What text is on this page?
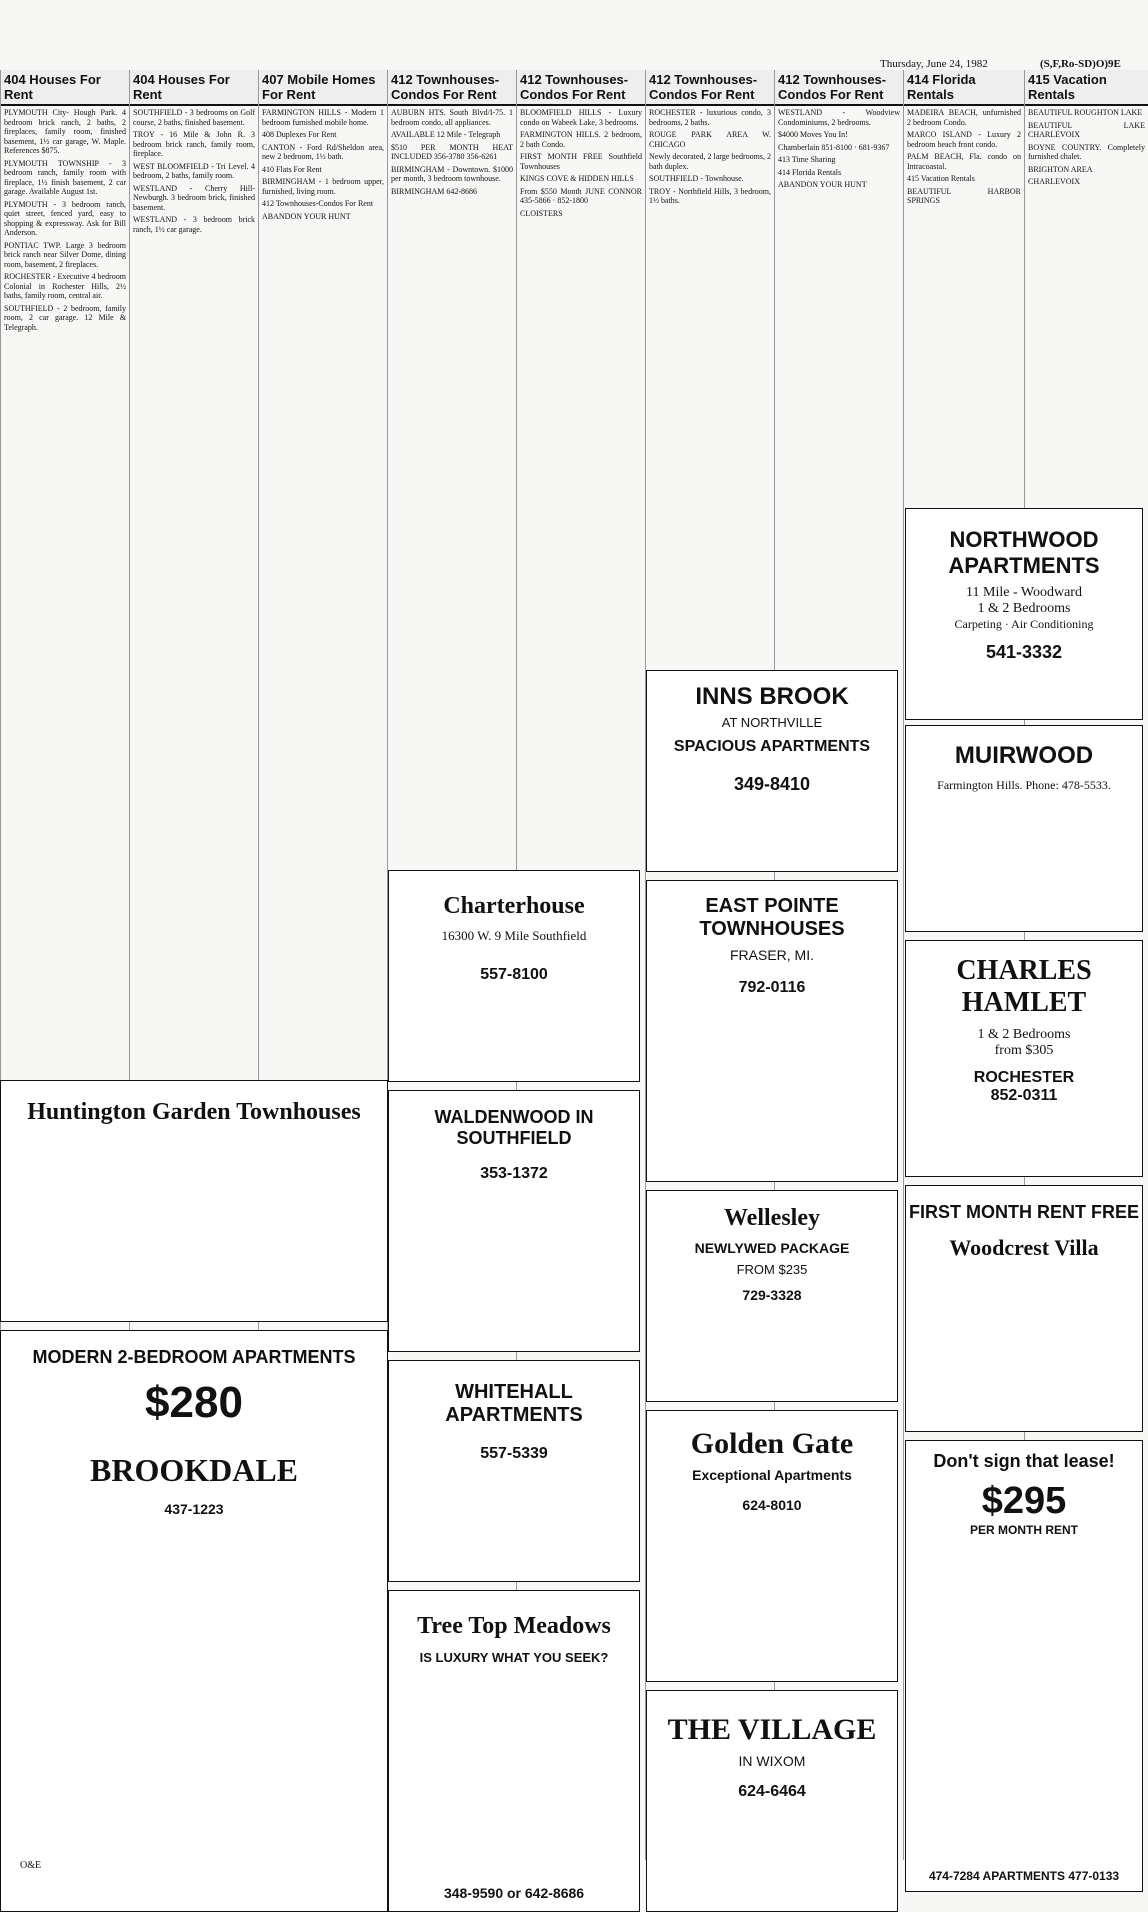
Thursday, June 24, 1982	(S,F,Ro-SD)O)9E
404 Houses For Rent
PLYMOUTH City- Hough Park. 4 bedroom brick ranch, 2 baths, 2 fireplaces, family room, finished basement, 1½ car garage, W. Maple. References $875.
PLYMOUTH TOWNSHIP - 3 bedroom ranch, family room with fireplace, 1½ finish basement, 2 car garage. Available August 1st.
PLYMOUTH - 3 bedroom ranch, quiet street, fenced yard, easy to shopping & expressway. Ask for Bill Anderson.
PONTIAC TWP. Large 3 bedroom brick ranch near Silver Dome, dining room, basement, 2 fireplaces.
ROCHESTER - Executive 4 bedroom Colonial in Rochester Hills, 2½ baths, family room, central air.
SOUTHFIELD - 2 bedroom, family room, 2 car garage. 12 Mile & Telegraph.
404 Houses For Rent
SOUTHFIELD - 3 bedrooms on Golf course, 2 baths, finished basement.
TROY - 16 Mile & John R. 3 bedroom brick ranch, family room, fireplace.
WEST BLOOMFIELD - Tri Level. 4 bedroom, 2 baths, family room.
WESTLAND - Cherry Hill-Newburgh. 3 bedroom brick, finished basement.
WESTLAND - 3 bedroom brick ranch, 1½ car garage.
407 Mobile Homes For Rent
FARMINGTON HILLS - Modern 1 bedroom furnished mobile home.
408 Duplexes For Rent
CANTON - Ford Rd/Sheldon area, new 2 bedroom, 1½ bath.
410 Flats For Rent
BIRMINGHAM - 1 bedroom upper, furnished, living room.
412 Townhouses-Condos For Rent
ABANDON YOUR HUNT
412 Townhouses-Condos For Rent
AUBURN HTS. South Blvd/I-75. 1 bedroom condo, all appliances.
AVAILABLE 12 Mile - Telegraph
$510 PER MONTH HEAT INCLUDED 356-3780 356-6261
BIRMINGHAM - Downtown. $1000 per month, 3 bedroom townhouse.
BIRMINGHAM 642-8686
412 Townhouses-Condos For Rent
BLOOMFIELD HILLS - Luxury condo on Wabeek Lake, 3 bedrooms.
FARMINGTON HILLS. 2 bedroom, 2 bath Condo.
FIRST MONTH FREE Southfield Townhouses
KINGS COVE & HIDDEN HILLS
From $550 Month JUNE CONNOR 435-5866 · 852-1800
CLOISTERS
412 Townhouses-Condos For Rent
ROCHESTER - luxurious condo, 3 bedrooms, 2 baths.
ROUGE PARK AREA W. CHICAGO
Newly decorated, 2 large bedrooms, 2 bath duplex.
SOUTHFIELD - Townhouse.
TROY - Northfield Hills, 3 bedroom, 1½ baths.
412 Townhouses-Condos For Rent
WESTLAND - Woodview Condominiums, 2 bedrooms.
$4000 Moves You In!
Chamberlain 851-8100 · 681-9367
413 Time Sharing
414 Florida Rentals
ABANDON YOUR HUNT
414 Florida Rentals
MADEIRA BEACH, unfurnished 2 bedroom Condo.
MARCO ISLAND - Luxury 2 bedroom beach front condo.
PALM BEACH, Fla. condo on Intracoastal.
415 Vacation Rentals
BEAUTIFUL HARBOR SPRINGS
415 Vacation Rentals
BEAUTIFUL ROUGHTON LAKE
BEAUTIFUL LAKE CHARLEVOIX
BOYNE COUNTRY. Completely furnished chalet.
BRIGHTON AREA
CHARLEVOIX
NORTHWOOD APARTMENTS
11 Mile - Woodward
1 & 2 Bedrooms
Carpeting · Air Conditioning
541-3332
MUIRWOOD
Farmington Hills. Phone: 478-5533.
CHARLES HAMLET
1 & 2 Bedrooms
from $305
ROCHESTER
852-0311
FIRST MONTH RENT FREE
Woodcrest Villa
Don't sign that lease!
$295
PER MONTH RENT
474-7284 APARTMENTS 477-0133
Charterhouse
16300 W. 9 Mile Southfield
557-8100
WALDENWOOD IN SOUTHFIELD
353-1372
WHITEHALL APARTMENTS
557-5339
Tree Top Meadows
IS LUXURY WHAT YOU SEEK?
348-9590 or 642-8686
EAST POINTE TOWNHOUSES
FRASER, MI.
792-0116
Wellesley
NEWLYWED PACKAGE
FROM $235
729-3328
Golden Gate
Exceptional Apartments
624-8010
THE VILLAGE
IN WIXOM
624-6464
Huntington Garden Townhouses
MODERN 2-BEDROOM APARTMENTS
$280
BROOKDALE
437-1223
INNS BROOK
AT NORTHVILLE
SPACIOUS APARTMENTS
349-8410
O&E
